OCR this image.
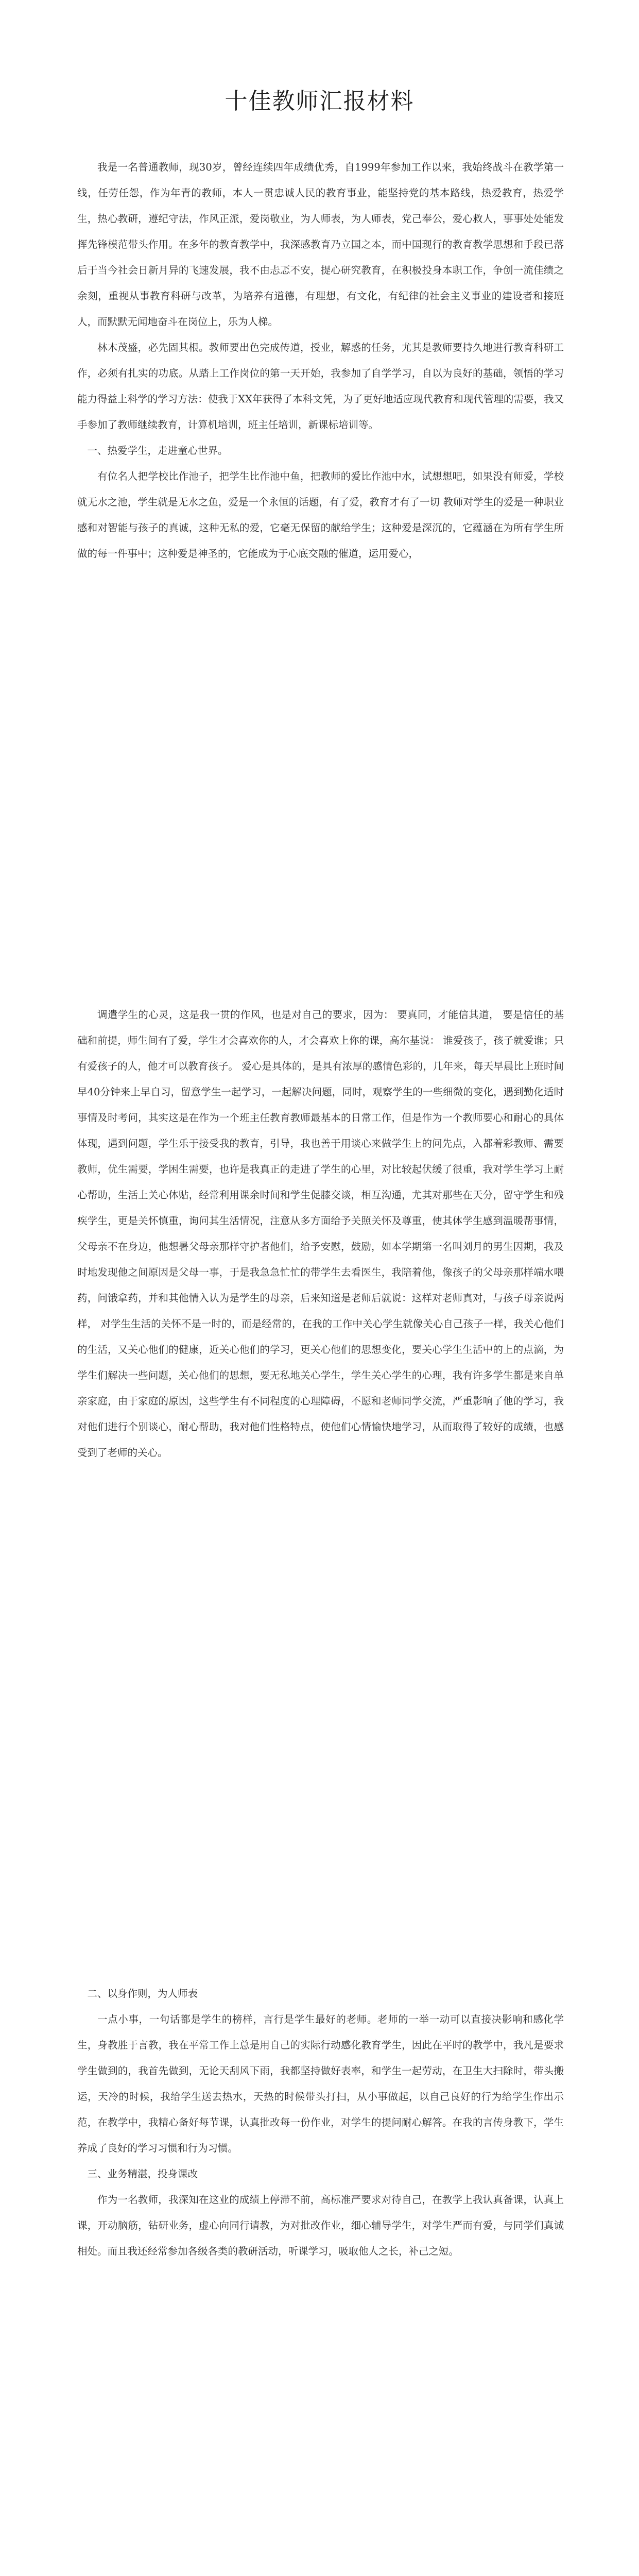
十佳教师汇报材料

我是一名普通教师，现30岁，曾经连续四年成绩优秀，自1999年参加工作以来，我始终战斗在教学第一线，任劳任怨，作为年青的教师，本人一贯忠诚人民的教育事业，能坚持党的基本路线，热爱教育，热爱学生，热心教研，遵纪守法，作风正派，爱岗敬业，为人师表，为人师表，党己奉公，爱心救人，事事处处能发挥先锋模范带头作用。在多年的教育教学中，我深感教育乃立国之本，而中国现行的教育教学思想和手段已落后于当今社会日新月异的飞速发展，我不由忐忑不安，提心研究教育，在积极投身本职工作，争创一流佳绩之余刻，重视从事教育科研与改革，为培养有道德，有理想，有文化，有纪律的社会主义事业的建设者和接班人，而默默无闻地奋斗在岗位上，乐为人梯。

林木茂盛，必先固其根。教师要出色完成传道，授业，解惑的任务，尤其是教师要持久地进行教育科研工作，必须有扎实的功底。从踏上工作岗位的第一天开始，我参加了自学学习，自以为良好的基础，领悟的学习能力得益上科学的学习方法：使我于XX年获得了本科文凭，为了更好地适应现代教育和现代管理的需要，我又手参加了教师继续教育，计算机培训，班主任培训，新课标培训等。

一、热爱学生，走进童心世界。

有位名人把学校比作池子，把学生比作池中鱼，把教师的爱比作池中水，试想想吧，如果没有师爱，学校就无水之池，学生就是无水之鱼，爱是一个永恒的话题，有了爱，教育才有了一切 教师对学生的爱是一种职业感和对智能与孩子的真诚，这种无私的爱，它毫无保留的献给学生；这种爱是深沉的，它蕴涵在为所有学生所做的每一件事中；这种爱是神圣的，它能成为于心底交融的催道，运用爱心，

调遣学生的心灵，这是我一贯的作风，也是对自己的要求，因为： 要真同，才能信其道， 要是信任的基础和前提，师生间有了爱，学生才会喜欢你的人，才会喜欢上你的课，高尔基说： 谁爱孩子，孩子就爱谁；只有爱孩子的人，他才可以教育孩子。 爱心是具体的，是具有浓厚的感情色彩的，几年来，每天早晨比上班时间早40分钟来上早自习，留意学生一起学习，一起解决问题，同时，观察学生的一些细微的变化，遇到勤化适时事情及时考问，其实这是在作为一个班主任教育教师最基本的日常工作，但是作为一个教师要心和耐心的具体体现，遇到问题，学生乐于接受我的教育，引导，我也善于用谈心来做学生上的问先点，入都着彩教师、需要教师，优生需要，学困生需要，也许是我真正的走进了学生的心里，对比较起伏缓了很重，我对学生学习上耐心帮助，生活上关心体贴，经常利用课余时间和学生促膝交谈，相互沟通，尤其对那些在天分，留守学生和残疾学生，更是关怀慎重，询问其生活情况，注意从多方面给予关照关怀及尊重，使其体学生感到温暖帮事情，父母亲不在身边，他想暑父母亲那样守护者他们，给予安慰，鼓励，如本学期第一名叫刘月的男生因期，我及时地发现他之间原因是父母一事，于是我急急忙忙的带学生去看医生，我陪着他，像孩子的父母亲那样端水喂药，问饿拿药，并和其他情入认为是学生的母亲，后来知道是老师后就说：这样对老师真对，与孩子母亲说两样， 对学生生活的关怀不是一时的，而是经常的，在我的工作中关心学生就像关心自己孩子一样，我关心他们的生活，又关心他们的健康，近关心他们的学习，更关心他们的思想变化，要关心学生生活中的上的点滴，为学生们解决一些问题，关心他们的思想，要无私地关心学生，学生关心学生的心理，我有许多学生都是来自单亲家庭，由于家庭的原因，这些学生有不同程度的心理障碍，不愿和老师同学交流，严重影响了他的学习，我对他们进行个别谈心，耐心帮助，我对他们性格特点，使他们心情愉快地学习，从而取得了较好的成绩，也感受到了老师的关心。

二、以身作则，为人师表

一点小事，一句话都是学生的榜样，言行是学生最好的老师。老师的一举一动可以直接决影响和感化学生，身教胜于言教，我在平常工作上总是用自己的实际行动感化教育学生，因此在平时的教学中，我凡是要求学生做到的，我首先做到，无论天刮风下雨，我都坚持做好表率，和学生一起劳动，在卫生大扫除时，带头搬运，天冷的时候，我给学生送去热水，天热的时候带头打扫，从小事做起，以自己良好的行为给学生作出示范，在教学中，我精心备好每节课，认真批改每一份作业，对学生的提问耐心解答。在我的言传身教下，学生养成了良好的学习习惯和行为习惯。

三、业务精湛，投身课改

作为一名教师，我深知在这业的成绩上停滞不前，高标准严要求对待自己，在教学上我认真备课，认真上课，开动脑筋，钻研业务，虚心向同行请教，为对批改作业，细心辅导学生，对学生严而有爱，与同学们真诚相处。而且我还经常参加各级各类的教研活动，听课学习，吸取他人之长，补己之短。
